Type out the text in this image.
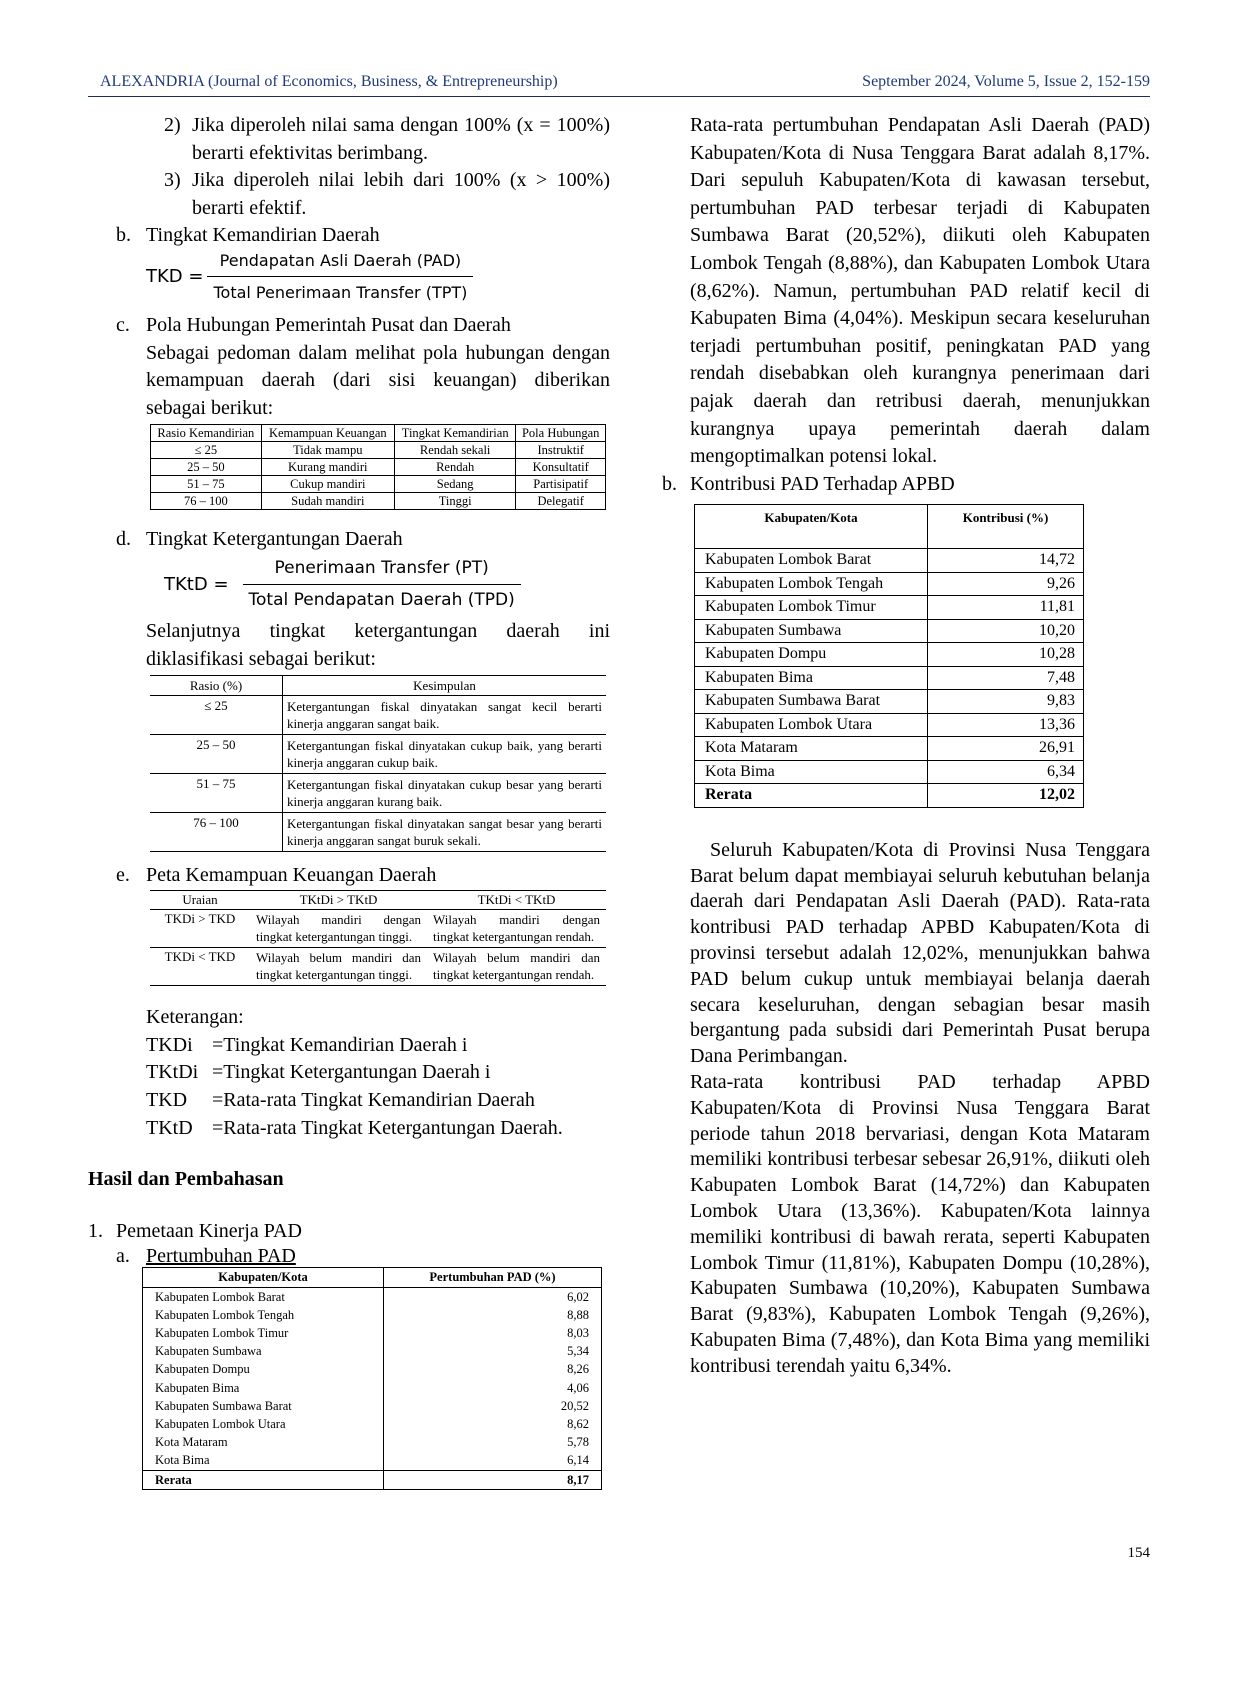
ALEXANDRIA (Journal of Economics, Business, & Entrepreneurship)	September 2024, Volume 5, Issue 2, 152-159
2) Jika diperoleh nilai sama dengan 100% (x = 100%) berarti efektivitas berimbang.
3) Jika diperoleh nilai lebih dari 100% (x > 100%) berarti efektif.
b. Tingkat Kemandirian Daerah
TKD = $\frac{\text{Pendapatan Asli Daerah (PAD)}}{\text{Total Penerimaan Transfer (TPT)}}$
c. Pola Hubungan Pemerintah Pusat dan Daerah

Sebagai pedoman dalam melihat pola hubungan dengan kemampuan daerah (dari sisi keuangan) diberikan sebagai berikut:

Rasio Kemandirian	Kemampuan Keuangan	Tingkat Kemandirian	Pola Hubungan
≤ 25	Tidak mampu	Rendah sekali	Instruktif
25 – 50	Kurang mandiri	Rendah	Konsultatif
51 – 75	Cukup mandiri	Sedang	Partisipatif
76 – 100	Sudah mandiri	Tinggi	Delegatif
d. Tingkat Ketergantungan Daerah
TKtD = $\frac{\text{Penerimaan Transfer (PT)}}{\text{Total Pendapatan Daerah (TPD)}}$

Selanjutnya tingkat ketergantungan daerah ini diklasifikasi sebagai berikut:

Rasio (%)	Kesimpulan
≤ 25	Ketergantungan fiskal dinyatakan sangat kecil berarti kinerja anggaran sangat baik.
25 – 50	Ketergantungan fiskal dinyatakan cukup baik, yang berarti kinerja anggaran cukup baik.
51 – 75	Ketergantungan fiskal dinyatakan cukup besar yang berarti kinerja anggaran kurang baik.
76 – 100	Ketergantungan fiskal dinyatakan sangat besar yang berarti kinerja anggaran sangat buruk sekali.
e. Peta Kemampuan Keuangan Daerah
Uraian	TKtDi > TKtD	TKtDi < TKtD
TKDi > TKD	Wilayah mandiri dengan tingkat ketergantungan tinggi.	Wilayah mandiri dengan tingkat ketergantungan rendah.
TKDi < TKD	Wilayah belum mandiri dan tingkat ketergantungan tinggi.	Wilayah belum mandiri dan tingkat ketergantungan rendah.

Keterangan:

TKDi =Tingkat Kemandirian Daerah i
TKtDi =Tingkat Ketergantungan Daerah i
TKD	=Rata-rata Tingkat Kemandirian Daerah
TKtD =Rata-rata Tingkat Ketergantungan Daerah.

Hasil dan Pembahasan

1. Pemetaan Kinerja PAD
a. Pertumbuhan PAD
Kabupaten/Kota	Pertumbuhan PAD (%)
Kabupaten Lombok Barat	6,02
Kabupaten Lombok Tengah	8,88
Kabupaten Lombok Timur	8,03
Kabupaten Sumbawa	5,34
Kabupaten Dompu	8,26
Kabupaten Bima	4,06
Kabupaten Sumbawa Barat	20,52
Kabupaten Lombok Utara	8,62
Kota Mataram	5,78
Kota Bima	6,14
Rerata	8,17

Rata-rata pertumbuhan Pendapatan Asli Daerah (PAD) Kabupaten/Kota di Nusa Tenggara Barat adalah 8,17%. Dari sepuluh Kabupaten/Kota di kawasan tersebut, pertumbuhan PAD terbesar terjadi di Kabupaten Sumbawa Barat (20,52%), diikuti oleh Kabupaten Lombok Tengah (8,88%), dan Kabupaten Lombok Utara (8,62%). Namun, pertumbuhan PAD relatif kecil di Kabupaten Bima (4,04%). Meskipun secara keseluruhan terjadi pertumbuhan positif, peningkatan PAD yang rendah disebabkan oleh kurangnya penerimaan dari pajak daerah dan retribusi daerah, menunjukkan kurangnya upaya pemerintah daerah dalam mengoptimalkan potensi lokal.

b. Kontribusi PAD Terhadap APBD
Kabupaten/Kota	Kontribusi (%)
Kabupaten Lombok Barat	14,72
Kabupaten Lombok Tengah	9,26
Kabupaten Lombok Timur	11,81
Kabupaten Sumbawa	10,20
Kabupaten Dompu	10,28
Kabupaten Bima	7,48
Kabupaten Sumbawa Barat	9,83
Kabupaten Lombok Utara	13,36
Kota Mataram	26,91
Kota Bima	6,34
Rerata	12,02

Seluruh Kabupaten/Kota di Provinsi Nusa Tenggara Barat belum dapat membiayai seluruh kebutuhan belanja daerah dari Pendapatan Asli Daerah (PAD). Rata-rata kontribusi PAD terhadap APBD Kabupaten/Kota di provinsi tersebut adalah 12,02%, menunjukkan bahwa PAD belum cukup untuk membiayai belanja daerah secara keseluruhan, dengan sebagian besar masih bergantung pada subsidi dari Pemerintah Pusat berupa Dana Perimbangan.

Rata-rata kontribusi PAD terhadap APBD Kabupaten/Kota di Provinsi Nusa Tenggara Barat periode tahun 2018 bervariasi, dengan Kota Mataram memiliki kontribusi terbesar sebesar 26,91%, diikuti oleh Kabupaten Lombok Barat (14,72%) dan Kabupaten Lombok Utara (13,36%). Kabupaten/Kota lainnya memiliki kontribusi di bawah rerata, seperti Kabupaten Lombok Timur (11,81%), Kabupaten Dompu (10,28%), Kabupaten Sumbawa (10,20%), Kabupaten Sumbawa Barat (9,83%), Kabupaten Lombok Tengah (9,26%), Kabupaten Bima (7,48%), dan Kota Bima yang memiliki kontribusi terendah yaitu 6,34%.

154
